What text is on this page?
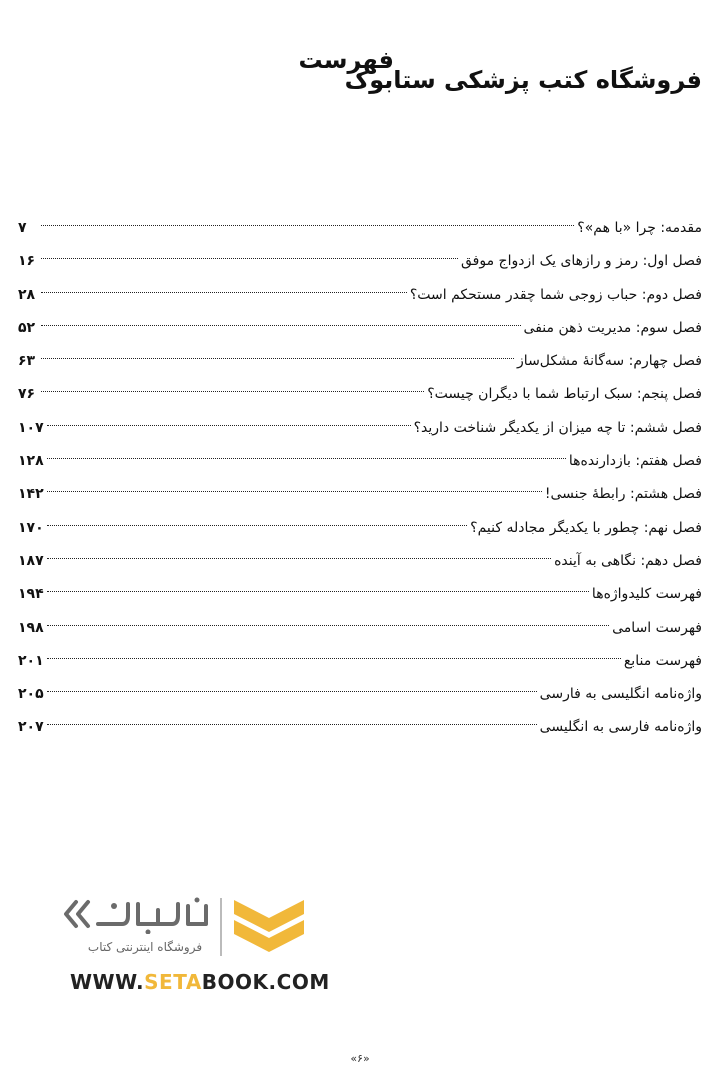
فهرست
فروشگاه کتب پزشکی ستابوک
مقدمه: چرا «با هم»؟
۷
فصل اول: رمز و رازهای یک ازدواج موفق
۱۶
فصل دوم: حباب زوجی شما چقدر مستحکم است؟
۲۸
فصل سوم: مدیریت ذهن منفی
۵۲
فصل چهارم: سه‌گانهٔ مشکل‌ساز
۶۳
فصل پنجم: سبک ارتباط شما با دیگران چیست؟
۷۶
فصل ششم: تا چه میزان از یکدیگر شناخت دارید؟
۱۰۷
فصل هفتم: بازدارنده‌ها
۱۲۸
فصل هشتم: رابطهٔ جنسی!
۱۴۲
فصل نهم: چطور با یکدیگر مجادله کنیم؟
۱۷۰
فصل دهم: نگاهی به آینده
۱۸۷
فهرست کلیدواژه‌ها
۱۹۴
فهرست اسامی
۱۹۸
فهرست منابع
۲۰۱
واژه‌نامه انگلیسی به فارسی
۲۰۵
واژه‌نامه فارسی به انگلیسی
۲۰۷
فروشگاه اینترنتی کتاب
WWW.SETABOOK.COM
«۶»
